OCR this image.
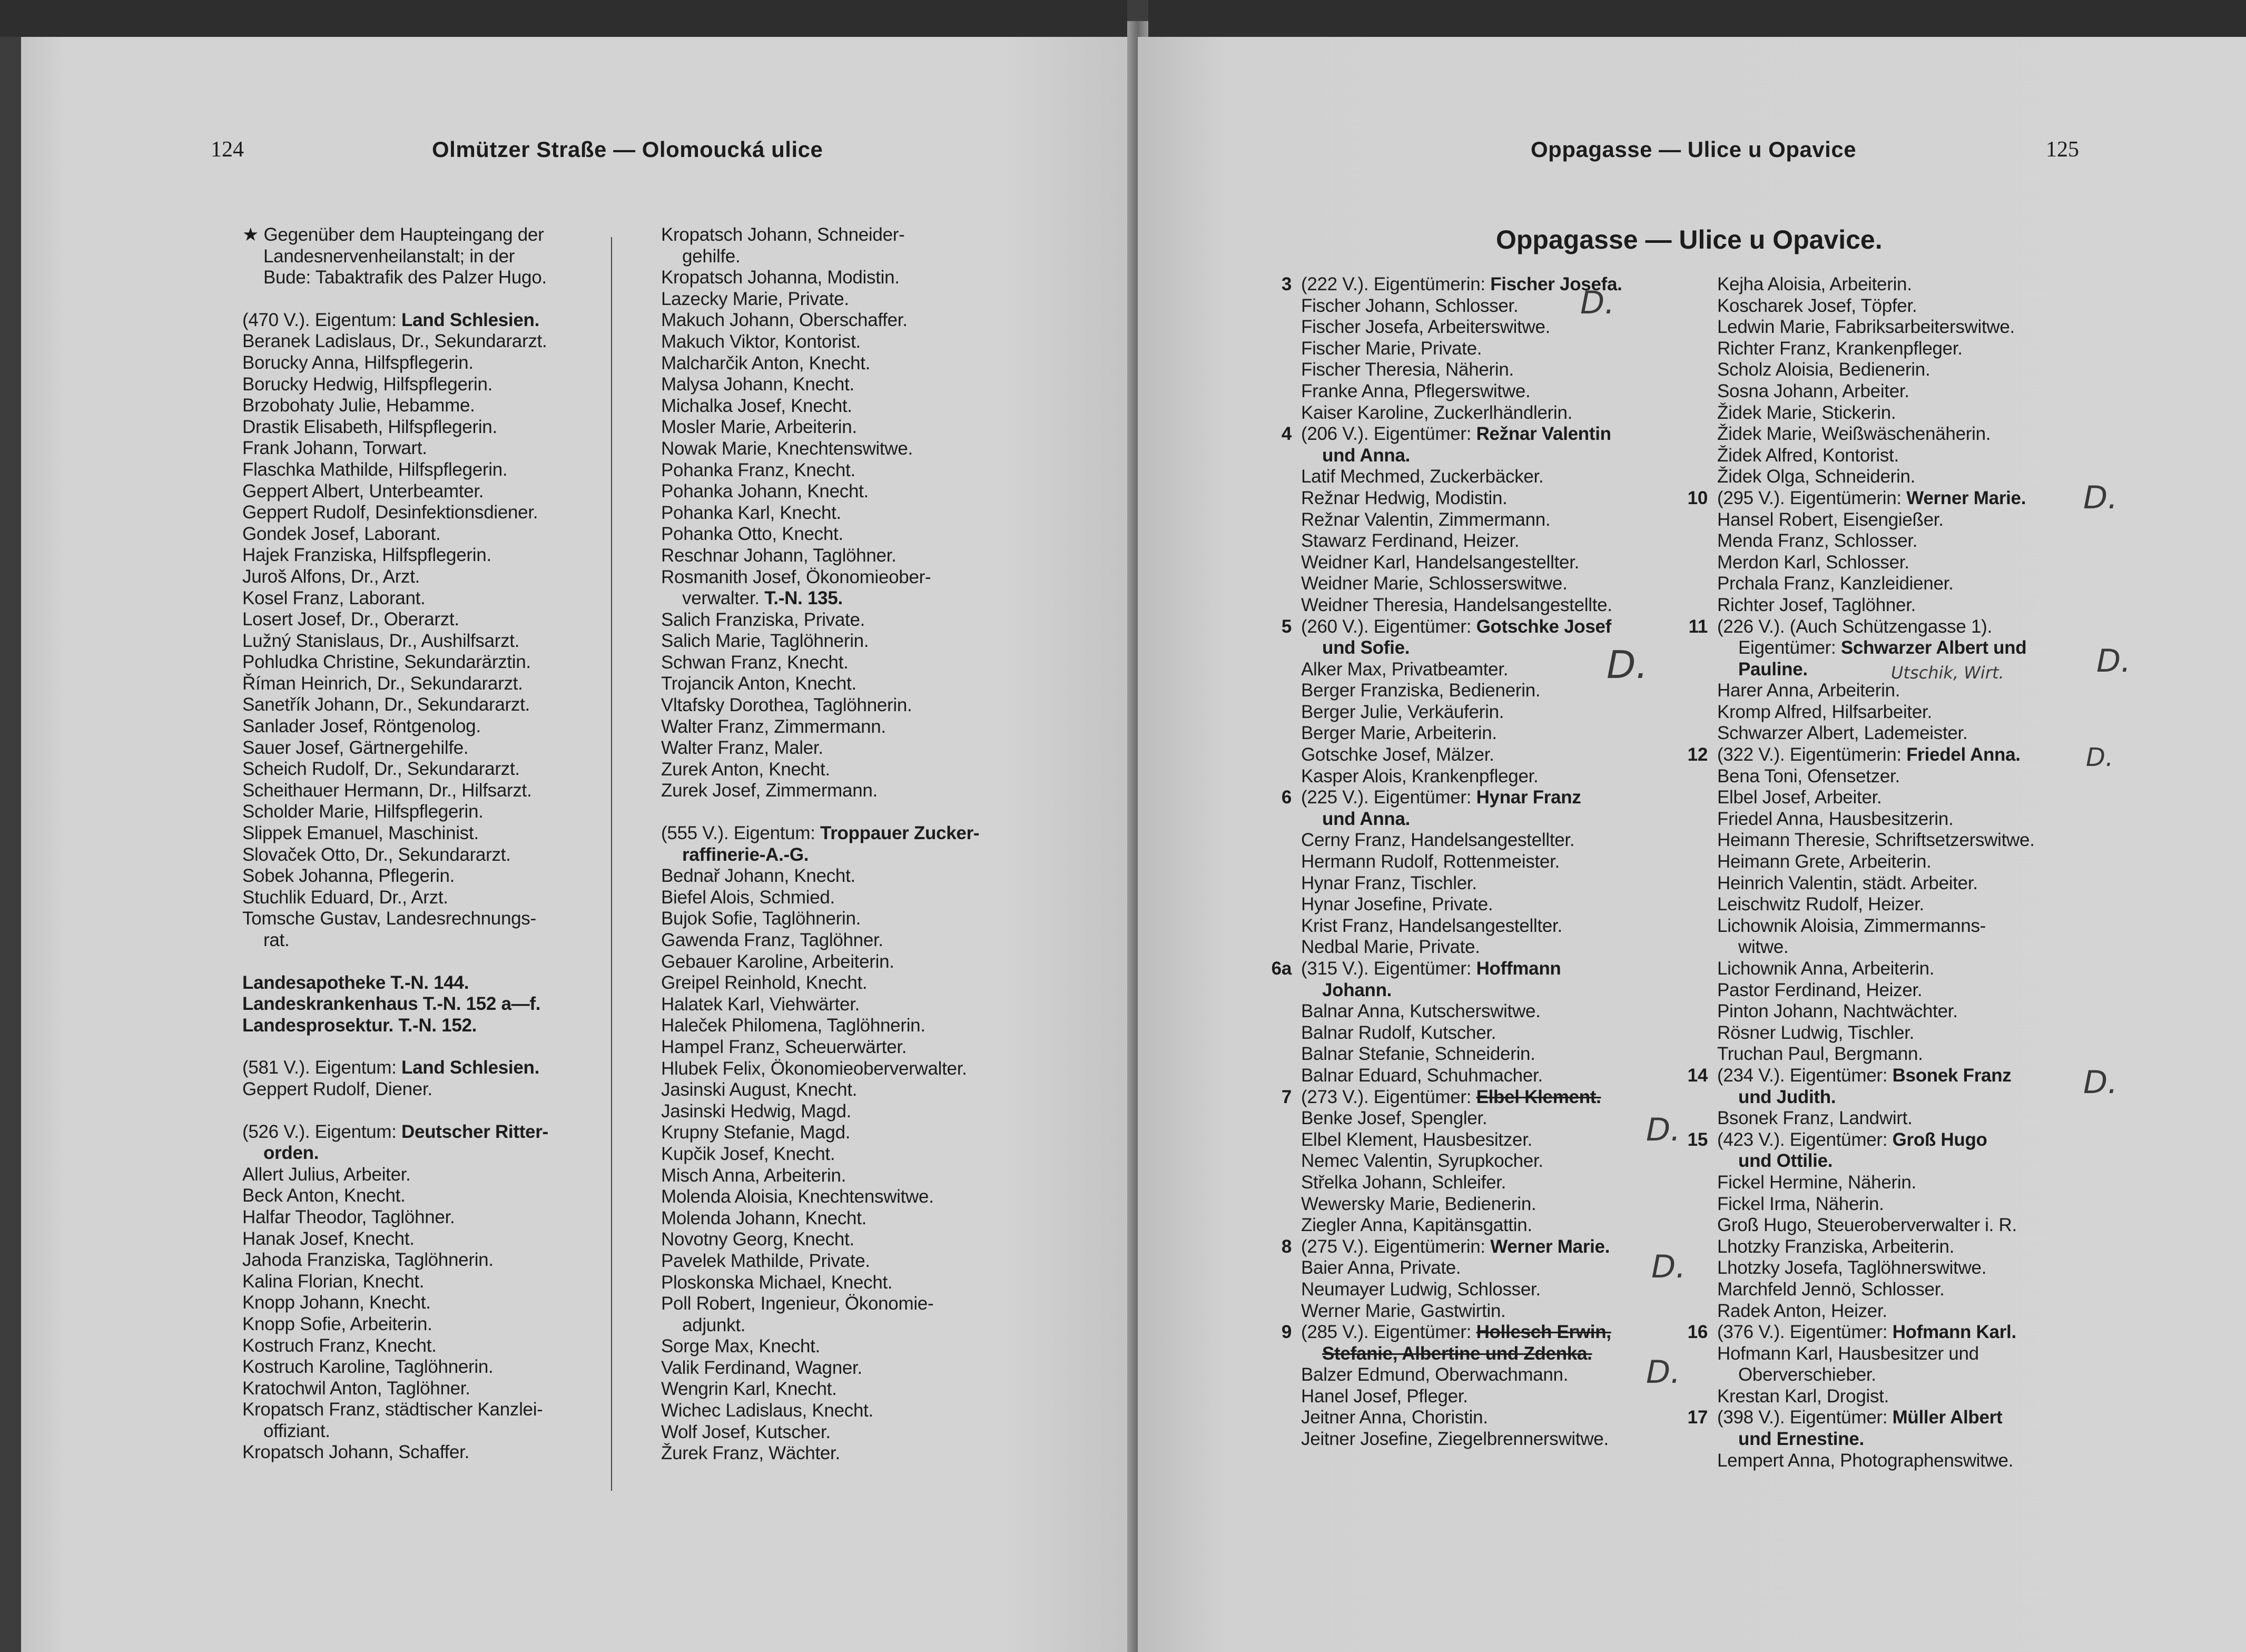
124	Olmützer Straße — Olomoucká ulice
★ Gegenüber dem Haupteingang der
Landesnervenheilanstalt; in der
Bude: Tabaktrafik des Palzer Hugo.
(470 V.). Eigentum: Land Schlesien.
Beranek Ladislaus, Dr., Sekundararzt.
Borucky Anna, Hilfspflegerin.
Borucky Hedwig, Hilfspflegerin.
Brzobohaty Julie, Hebamme.
Drastik Elisabeth, Hilfspflegerin.
Frank Johann, Torwart.
Flaschka Mathilde, Hilfspflegerin.
Geppert Albert, Unterbeamter.
Geppert Rudolf, Desinfektionsdiener.
Gondek Josef, Laborant.
Hajek Franziska, Hilfspflegerin.
Juroš Alfons, Dr., Arzt.
Kosel Franz, Laborant.
Losert Josef, Dr., Oberarzt.
Lužný Stanislaus, Dr., Aushilfsarzt.
Pohludka Christine, Sekundarärztin.
Říman Heinrich, Dr., Sekundararzt.
Sanetřík Johann, Dr., Sekundararzt.
Sanlader Josef, Röntgenolog.
Sauer Josef, Gärtnergehilfe.
Scheich Rudolf, Dr., Sekundararzt.
Scheithauer Hermann, Dr., Hilfsarzt.
Scholder Marie, Hilfspflegerin.
Slippek Emanuel, Maschinist.
Slovaček Otto, Dr., Sekundararzt.
Sobek Johanna, Pflegerin.
Stuchlik Eduard, Dr., Arzt.
Tomsche Gustav, Landesrechnungs-
rat.
Landesapotheke T.-N. 144.
Landeskrankenhaus T.-N. 152 a—f.
Landesprosektur. T.-N. 152.
(581 V.). Eigentum: Land Schlesien.
Geppert Rudolf, Diener.
(526 V.). Eigentum: Deutscher Ritter-
orden.
Allert Julius, Arbeiter.
Beck Anton, Knecht.
Halfar Theodor, Taglöhner.
Hanak Josef, Knecht.
Jahoda Franziska, Taglöhnerin.
Kalina Florian, Knecht.
Knopp Johann, Knecht.
Knopp Sofie, Arbeiterin.
Kostruch Franz, Knecht.
Kostruch Karoline, Taglöhnerin.
Kratochwil Anton, Taglöhner.
Kropatsch Franz, städtischer Kanzlei-
offiziant.
Kropatsch Johann, Schaffer.
Kropatsch Johann, Schneider-
gehilfe.
Kropatsch Johanna, Modistin.
Lazecky Marie, Private.
Makuch Johann, Oberschaffer.
Makuch Viktor, Kontorist.
Malcharčik Anton, Knecht.
Malysa Johann, Knecht.
Michalka Josef, Knecht.
Mosler Marie, Arbeiterin.
Nowak Marie, Knechtenswitwe.
Pohanka Franz, Knecht.
Pohanka Johann, Knecht.
Pohanka Karl, Knecht.
Pohanka Otto, Knecht.
Reschnar Johann, Taglöhner.
Rosmanith Josef, Ökonomieober-
verwalter. T.-N. 135.
Salich Franziska, Private.
Salich Marie, Taglöhnerin.
Schwan Franz, Knecht.
Trojancik Anton, Knecht.
Vltafsky Dorothea, Taglöhnerin.
Walter Franz, Zimmermann.
Walter Franz, Maler.
Zurek Anton, Knecht.
Zurek Josef, Zimmermann.
(555 V.). Eigentum: Troppauer Zucker-
raffinerie-A.-G.
Bednař Johann, Knecht.
Biefel Alois, Schmied.
Bujok Sofie, Taglöhnerin.
Gawenda Franz, Taglöhner.
Gebauer Karoline, Arbeiterin.
Greipel Reinhold, Knecht.
Halatek Karl, Viehwärter.
Haleček Philomena, Taglöhnerin.
Hampel Franz, Scheuerwärter.
Hlubek Felix, Ökonomieoberverwalter.
Jasinski August, Knecht.
Jasinski Hedwig, Magd.
Krupny Stefanie, Magd.
Kupčik Josef, Knecht.
Misch Anna, Arbeiterin.
Molenda Aloisia, Knechtenswitwe.
Molenda Johann, Knecht.
Novotny Georg, Knecht.
Pavelek Mathilde, Private.
Ploskonska Michael, Knecht.
Poll Robert, Ingenieur, Ökonomie-
adjunkt.
Sorge Max, Knecht.
Valik Ferdinand, Wagner.
Wengrin Karl, Knecht.
Wichec Ladislaus, Knecht.
Wolf Josef, Kutscher.
Žurek Franz, Wächter.
Oppagasse — Ulice u Opavice	125
Oppagasse — Ulice u Opavice.
3 (222 V.). Eigentümerin: Fischer Josefa.
Fischer Johann, Schlosser.
Fischer Josefa, Arbeiterswitwe.
Fischer Marie, Private.
Fischer Theresia, Näherin.
Franke Anna, Pflegerswitwe.
Kaiser Karoline, Zuckerlhändlerin.
4 (206 V.). Eigentümer: Režnar Valentin
und Anna.
Latif Mechmed, Zuckerbäcker.
Režnar Hedwig, Modistin.
Režnar Valentin, Zimmermann.
Stawarz Ferdinand, Heizer.
Weidner Karl, Handelsangestellter.
Weidner Marie, Schlosserswitwe.
Weidner Theresia, Handelsangestellte.
5 (260 V.). Eigentümer: Gotschke Josef
und Sofie.
Alker Max, Privatbeamter.
Berger Franziska, Bedienerin.
Berger Julie, Verkäuferin.
Berger Marie, Arbeiterin.
Gotschke Josef, Mälzer.
Kasper Alois, Krankenpfleger.
6 (225 V.). Eigentümer: Hynar Franz
und Anna.
Cerny Franz, Handelsangestellter.
Hermann Rudolf, Rottenmeister.
Hynar Franz, Tischler.
Hynar Josefine, Private.
Krist Franz, Handelsangestellter.
Nedbal Marie, Private.
6a (315 V.). Eigentümer: Hoffmann
Johann.
Balnar Anna, Kutscherswitwe.
Balnar Rudolf, Kutscher.
Balnar Stefanie, Schneiderin.
Balnar Eduard, Schuhmacher.
7 (273 V.). Eigentümer: Elbel Klement.
Benke Josef, Spengler.
Elbel Klement, Hausbesitzer.
Nemec Valentin, Syrupkocher.
Střelka Johann, Schleifer.
Wewersky Marie, Bedienerin.
Ziegler Anna, Kapitänsgattin.
8 (275 V.). Eigentümerin: Werner Marie.
Baier Anna, Private.
Neumayer Ludwig, Schlosser.
Werner Marie, Gastwirtin.
9 (285 V.). Eigentümer: Hollesch Erwin,
Stefanie, Albertine und Zdenka.
Balzer Edmund, Oberwachmann.
Hanel Josef, Pfleger.
Jeitner Anna, Choristin.
Jeitner Josefine, Ziegelbrennerswitwe.
Kejha Aloisia, Arbeiterin.
Koscharek Josef, Töpfer.
Ledwin Marie, Fabriksarbeiterswitwe.
Richter Franz, Krankenpfleger.
Scholz Aloisia, Bedienerin.
Sosna Johann, Arbeiter.
Židek Marie, Stickerin.
Židek Marie, Weißwäschenäherin.
Židek Alfred, Kontorist.
Židek Olga, Schneiderin.
10 (295 V.). Eigentümerin: Werner Marie.
Hansel Robert, Eisengießer.
Menda Franz, Schlosser.
Merdon Karl, Schlosser.
Prchala Franz, Kanzleidiener.
Richter Josef, Taglöhner.
11 (226 V.). (Auch Schützengasse 1).
Eigentümer: Schwarzer Albert und
Pauline.
Harer Anna, Arbeiterin.
Kromp Alfred, Hilfsarbeiter.
Schwarzer Albert, Lademeister.
12 (322 V.). Eigentümerin: Friedel Anna.
Bena Toni, Ofensetzer.
Elbel Josef, Arbeiter.
Friedel Anna, Hausbesitzerin.
Heimann Theresie, Schriftsetzerswitwe.
Heimann Grete, Arbeiterin.
Heinrich Valentin, städt. Arbeiter.
Leischwitz Rudolf, Heizer.
Lichownik Aloisia, Zimmermanns-
witwe.
Lichownik Anna, Arbeiterin.
Pastor Ferdinand, Heizer.
Pinton Johann, Nachtwächter.
Rösner Ludwig, Tischler.
Truchan Paul, Bergmann.
14 (234 V.). Eigentümer: Bsonek Franz
und Judith.
Bsonek Franz, Landwirt.
15 (423 V.). Eigentümer: Groß Hugo
und Ottilie.
Fickel Hermine, Näherin.
Fickel Irma, Näherin.
Groß Hugo, Steueroberverwalter i. R.
Lhotzky Franziska, Arbeiterin.
Lhotzky Josefa, Taglöhnerswitwe.
Marchfeld Jennö, Schlosser.
Radek Anton, Heizer.
16 (376 V.). Eigentümer: Hofmann Karl.
Hofmann Karl, Hausbesitzer und
Oberverschieber.
Krestan Karl, Drogist.
17 (398 V.). Eigentümer: Müller Albert
und Ernestine.
Lempert Anna, Photographenswitwe.
D.
D.
D.
D.
D.
D.
D.
D.
D.
Utschik, Wirt.
